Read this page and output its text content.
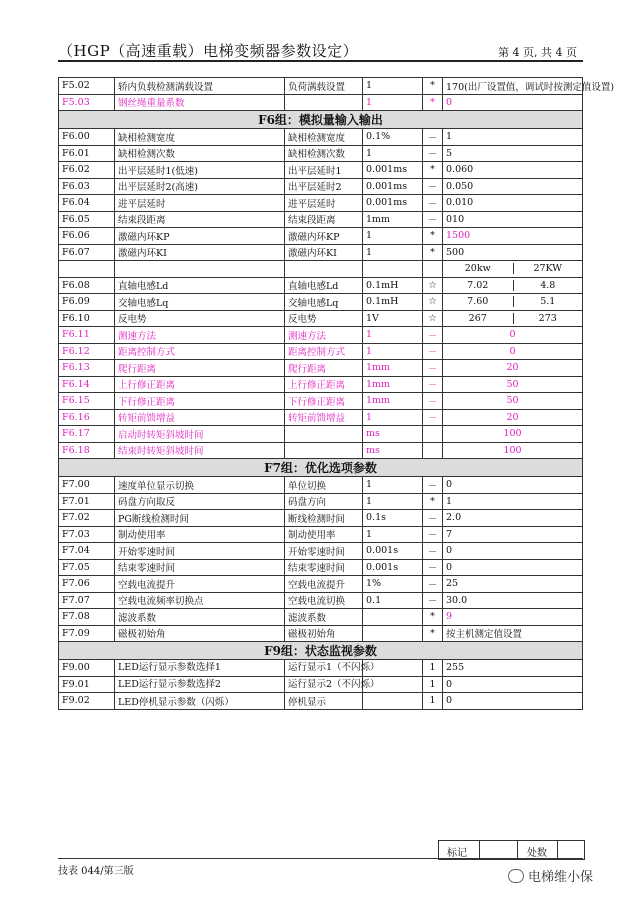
（HGP（高速重载）电梯变频器参数设定）	第 4 页, 共 4 页
F5.02	轿内负载检测满载设置	负荷满载设置	1	*	170(出厂设置值，调试时按测定值设置)
F5.03	钢丝绳重量系数		1	*	0
F6组：模拟量输入输出					
F6.00	缺相检测宽度	缺相检测宽度	0.1%	－	1
F6.01	缺相检测次数	缺相检测次数	1	－	5
F6.02	出平层延时1(低速)	出平层延时1	0.001ms	*	0.060
F6.03	出平层延时2(高速)	出平层延时2	0.001ms	－	0.050
F6.04	进平层延时	进平层延时	0.001ms	－	0.010
F6.05	结束段距离	结束段距离	1mm	－	010
F6.06	激磁内环KP	激磁内环KP	1	*	1500
F6.07	激磁内环KI	激磁内环KI	1	*	500
					20kw 27KW
F6.08	直轴电感Ld	直轴电感Ld	0.1mH	☆	7.02 4.8
F6.09	交轴电感Lq	交轴电感Lq	0.1mH	☆	7.60 5.1
F6.10	反电势	反电势	1V	☆	267 273
F6.11	测速方法	测速方法	1	－	0
F6.12	距离控制方式	距离控制方式	1	－	0
F6.13	爬行距离	爬行距离	1mm	－	20
F6.14	上行修正距离	上行修正距离	1mm	－	50
F6.15	下行修正距离	下行修正距离	1mm	－	50
F6.16	转矩前馈增益	转矩前馈增益	1	－	20
F6.17	启动时转矩斜坡时间		ms		100
F6.18	结束时转矩斜坡时间		ms		100
F7组：优化选项参数					
F7.00	速度单位显示切换	单位切换	1	－	0
F7.01	码盘方向取反	码盘方向	1	*	1
F7.02	PG断线检测时间	断线检测时间	0.1s	－	2.0
F7.03	制动使用率	制动使用率	1	－	7
F7.04	开始零速时间	开始零速时间	0.001s	－	0
F7.05	结束零速时间	结束零速时间	0.001s	－	0
F7.06	空载电流提升	空载电流提升	1%	－	25
F7.07	空载电流频率切换点	空载电流切换	0.1	－	30.0
F7.08	滤波系数	滤波系数		*	9
F7.09	磁极初始角	磁极初始角		*	按主机测定值设置
F9组：状态监视参数					
F9.00	LED运行显示参数选择1	运行显示1（不闪烁）		1	255
F9.01	LED运行显示参数选择2	运行显示2（不闪烁）		1	0
F9.02	LED停机显示参数（闪烁）	停机显示		1	0
标记	处数
技表 044/第三版	电梯维小保
